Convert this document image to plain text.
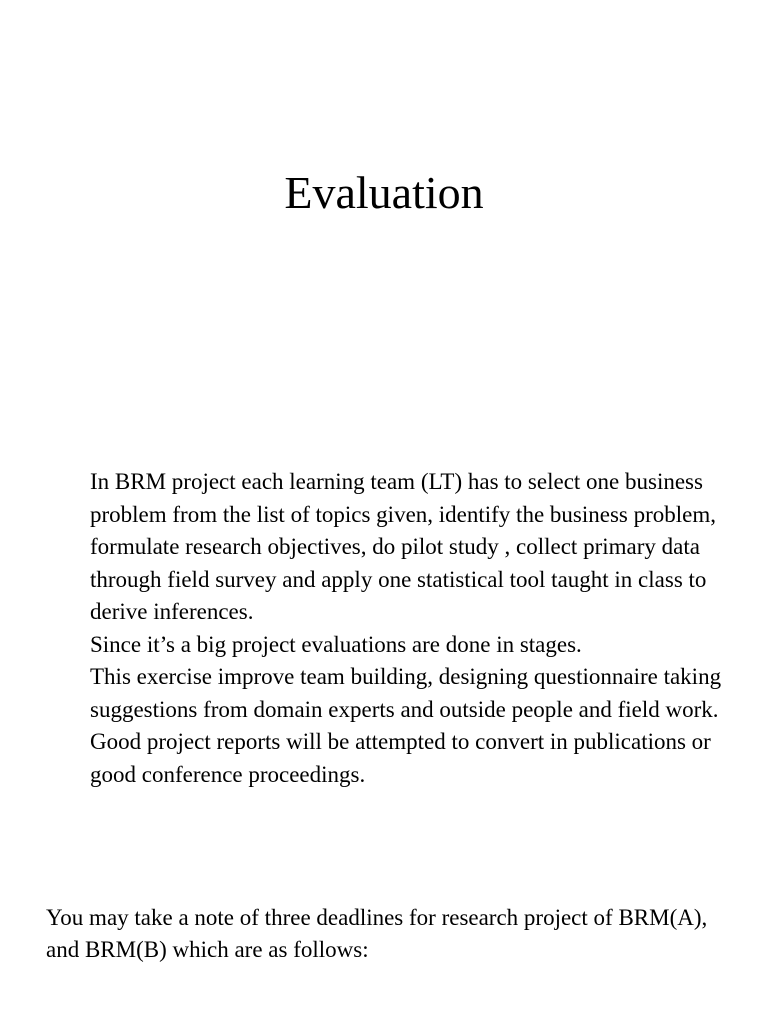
Evaluation

In BRM project each learning team (LT) has to select one business problem from the list of topics given, identify the business problem, formulate research objectives, do pilot study , collect primary data through field survey and apply one statistical tool taught in class to derive inferences.

Since it’s a big project evaluations are done in stages.

This exercise improve team building, designing questionnaire taking suggestions from domain experts and outside people and field work.

Good project reports will be attempted to convert in publications or good conference proceedings.

You may take a note of three deadlines for research project of BRM(A), and BRM(B) which are as follows:
